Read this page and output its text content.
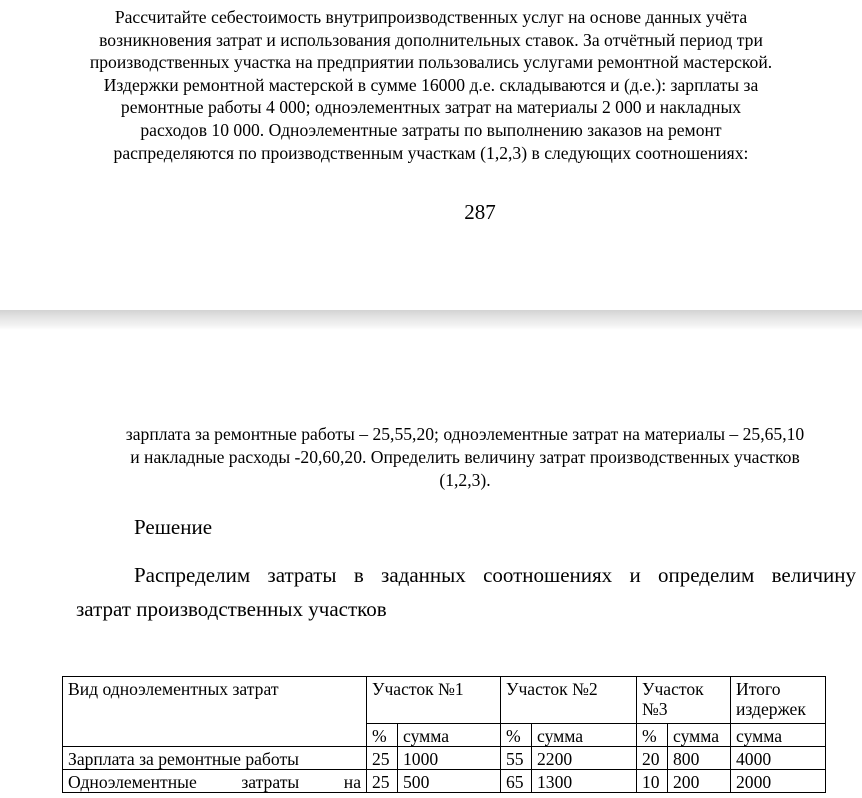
Рассчитайте себестоимость внутрипроизводственных услуг на основе данных учёта
возникновения затрат и использования дополнительных ставок. За отчётный период три
производственных участка на предприятии пользовались услугами ремонтной мастерской.
Издержки ремонтной мастерской в сумме 16000 д.е. складываются и (д.е.): зарплаты за
ремонтные работы 4 000; одноэлементных затрат на материалы 2 000 и накладных
расходов 10 000. Одноэлементные затраты по выполнению заказов на ремонт
распределяются по производственным участкам (1,2,3) в следующих соотношениях:
287
зарплата за ремонтные работы – 25,55,20; одноэлементные затрат на материалы – 25,65,10
и накладные расходы -20,60,20. Определить величину затрат производственных участков
(1,2,3).
Решение
Распределим затраты в заданных соотношениях и определим величину
затрат производственных участков
Вид одноэлементных затрат	Участок №1		Участок №2		Участок №3		Итого издержек
	%	сумма	%	сумма	%	сумма	сумма
Зарплата за ремонтные работы	25	1000	55	2200	20	800	4000
Одноэлементные затраты на	25	500	65	1300	10	200	2000
